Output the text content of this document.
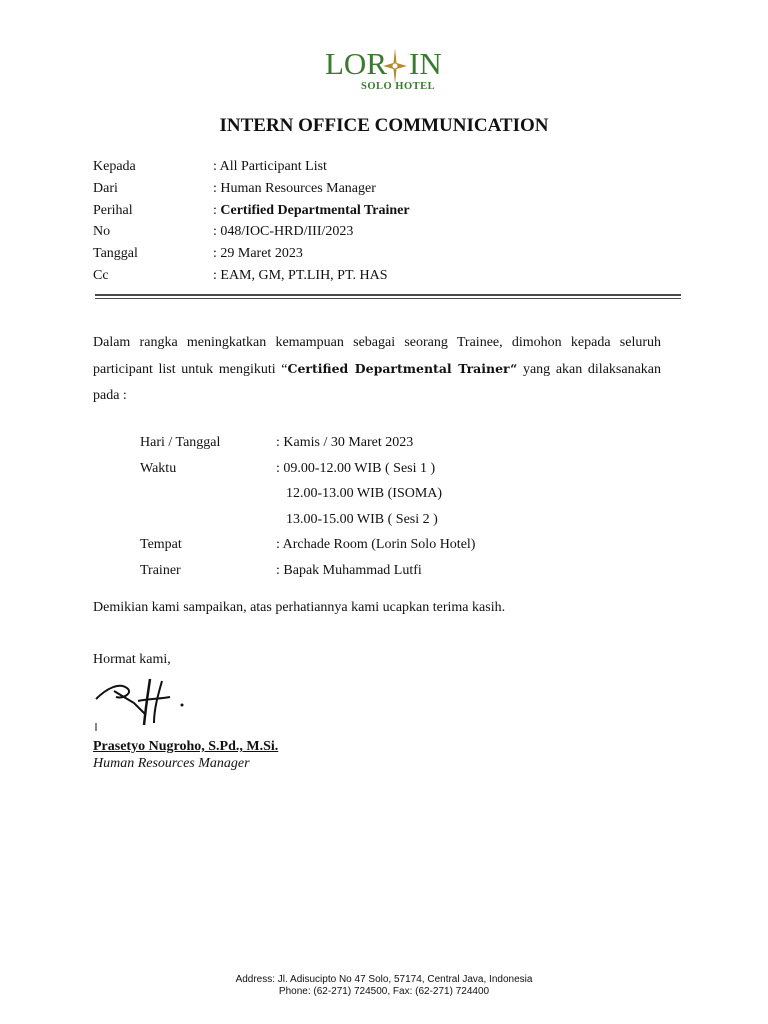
LOR IN
SOLO HOTEL
INTERN OFFICE COMMUNICATION
Kepada	: All Participant List
Dari	: Human Resources Manager
Perihal	: Certified Departmental Trainer
No	: 048/IOC-HRD/III/2023
Tanggal	: 29 Maret 2023
Cc	: EAM, GM, PT.LIH, PT. HAS
Dalam rangka meningkatkan kemampuan sebagai seorang Trainee, dimohon kepada seluruh participant list untuk mengikuti “Certified Departmental Trainer“ yang akan dilaksanakan pada :
Hari / Tanggal	: Kamis / 30 Maret 2023
Waktu	: 09.00-12.00 WIB ( Sesi 1 )
12.00-13.00 WIB (ISOMA)
13.00-15.00 WIB ( Sesi 2 )
Tempat	: Archade Room (Lorin Solo Hotel)
Trainer	: Bapak Muhammad Lutfi
Demikian kami sampaikan, atas perhatiannya kami ucapkan terima kasih.
Hormat kami,
Prasetyo Nugroho, S.Pd., M.Si.
Human Resources Manager
Address: Jl. Adisucipto No 47 Solo, 57174, Central Java, Indonesia
Phone: (62-271) 724500, Fax: (62-271) 724400
